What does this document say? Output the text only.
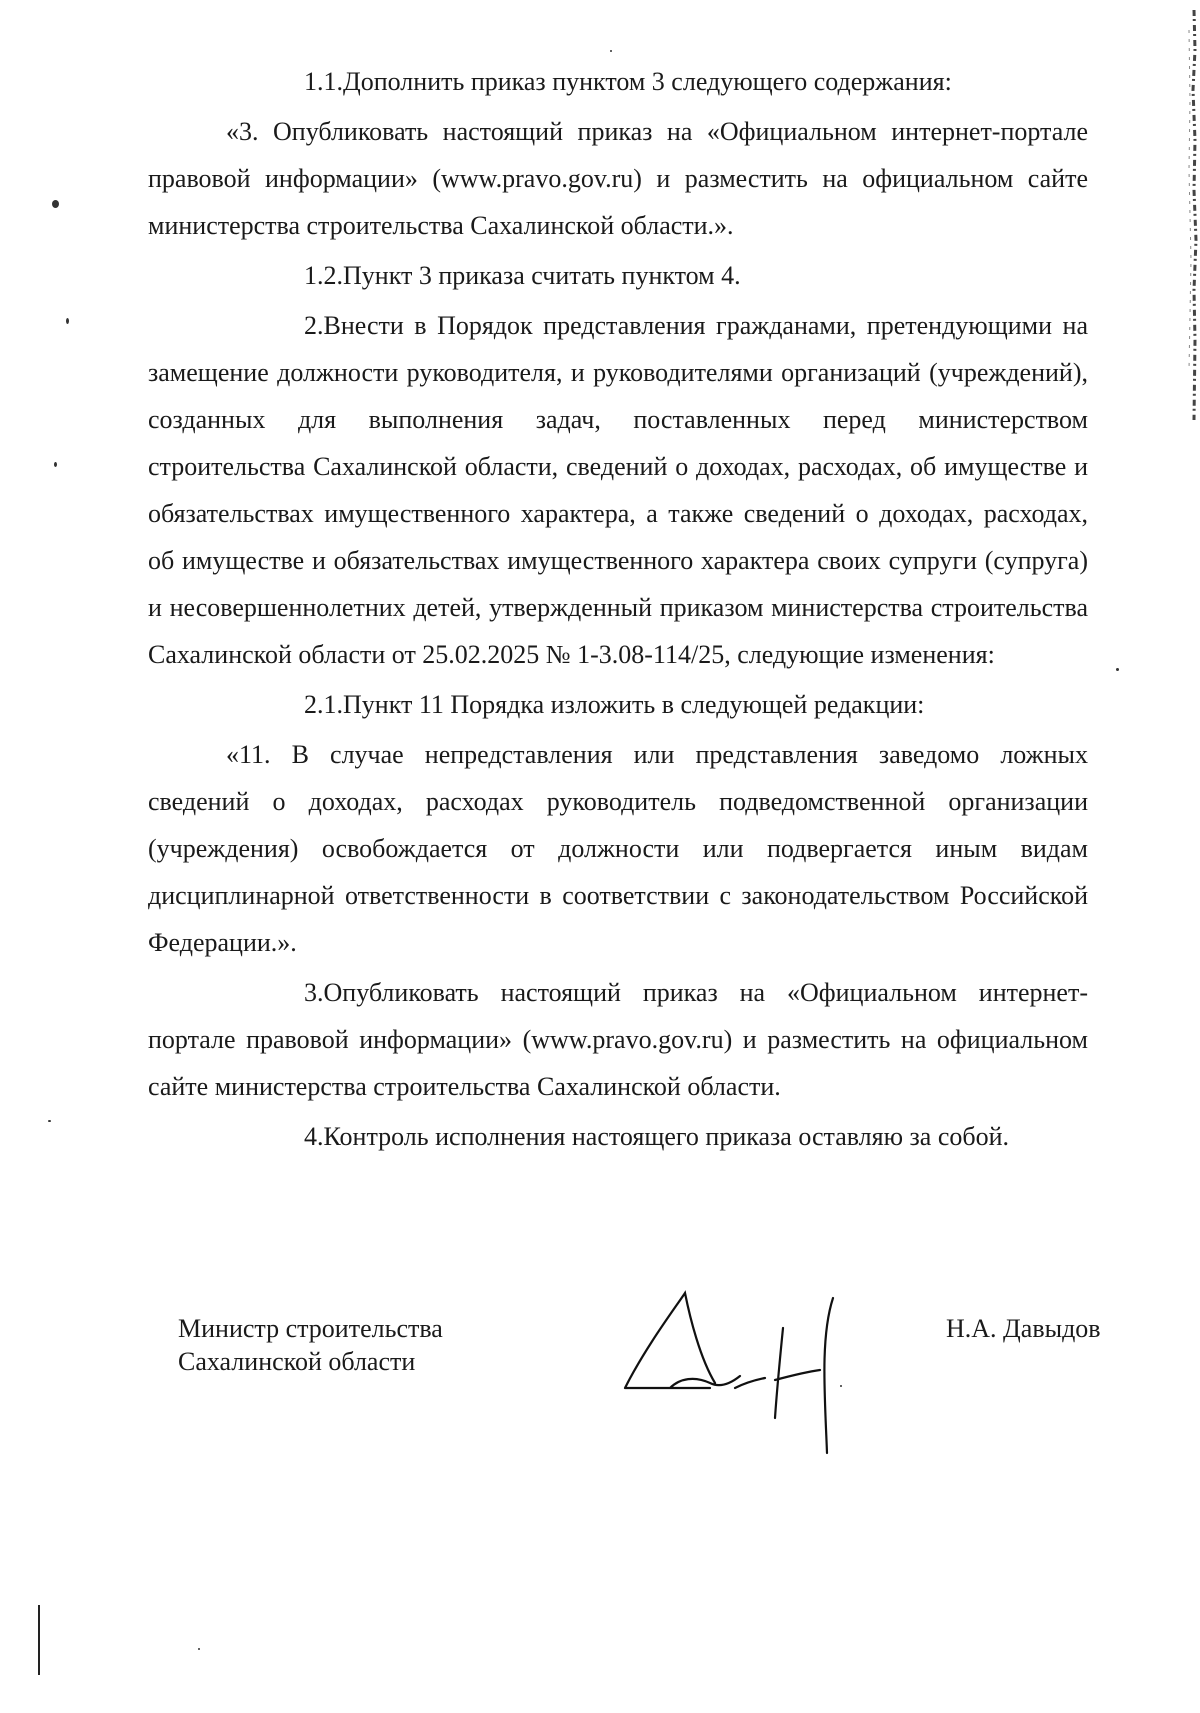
1.1.Дополнить приказ пунктом 3 следующего содержания:

«3. Опубликовать настоящий приказ на «Официальном интернет-портале правовой информации» (www.pravo.gov.ru) и разместить на официальном сайте министерства строительства Сахалинской области.».

1.2.Пункт 3 приказа считать пунктом 4.

2.Внести в Порядок представления гражданами, претендующими на замещение должности руководителя, и руководителями организаций (учреждений), созданных для выполнения задач, поставленных перед министерством строительства Сахалинской области, сведений о доходах, расходах, об имуществе и обязательствах имущественного характера, а также сведений о доходах, расходах, об имуществе и обязательствах имущественного характера своих супруги (супруга) и несовершеннолетних детей, утвержденный приказом министерства строительства Сахалинской области от 25.02.2025 № 1-3.08-114/25, следующие изменения:

2.1.Пункт 11 Порядка изложить в следующей редакции:

«11. В случае непредставления или представления заведомо ложных сведений о доходах, расходах руководитель подведомственной организации (учреждения) освобождается от должности или подвергается иным видам дисциплинарной ответственности в соответствии с законодательством Российской Федерации.».

3.Опубликовать настоящий приказ на «Официальном интернет-портале правовой информации» (www.pravo.gov.ru) и разместить на официальном сайте министерства строительства Сахалинской области.

4.Контроль исполнения настоящего приказа оставляю за собой.

Министр строительства
Сахалинской области
Н.А. Давыдов
